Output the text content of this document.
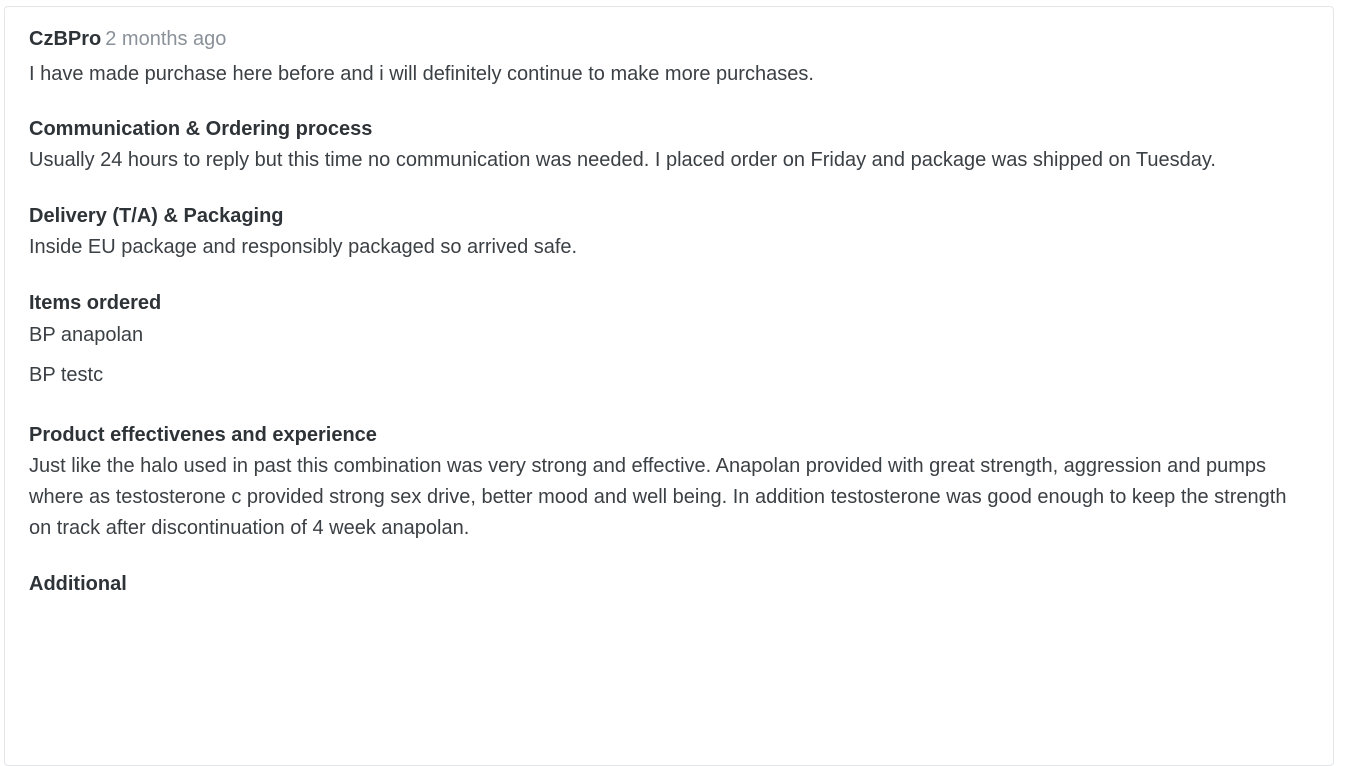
CzBPro 2 months ago

I have made purchase here before and i will definitely continue to make more purchases.

Communication & Ordering process
Usually 24 hours to reply but this time no communication was needed. I placed order on Friday and package was shipped on Tuesday.
Delivery (T/A) & Packaging
Inside EU package and responsibly packaged so arrived safe.
Items ordered
BP anapolan
BP testc
Product effectivenes and experience
Just like the halo used in past this combination was very strong and effective. Anapolan provided with great strength, aggression and pumps where as testosterone c provided strong sex drive, better mood and well being. In addition testosterone was good enough to keep the strength on track after discontinuation of 4 week anapolan.
Additional
